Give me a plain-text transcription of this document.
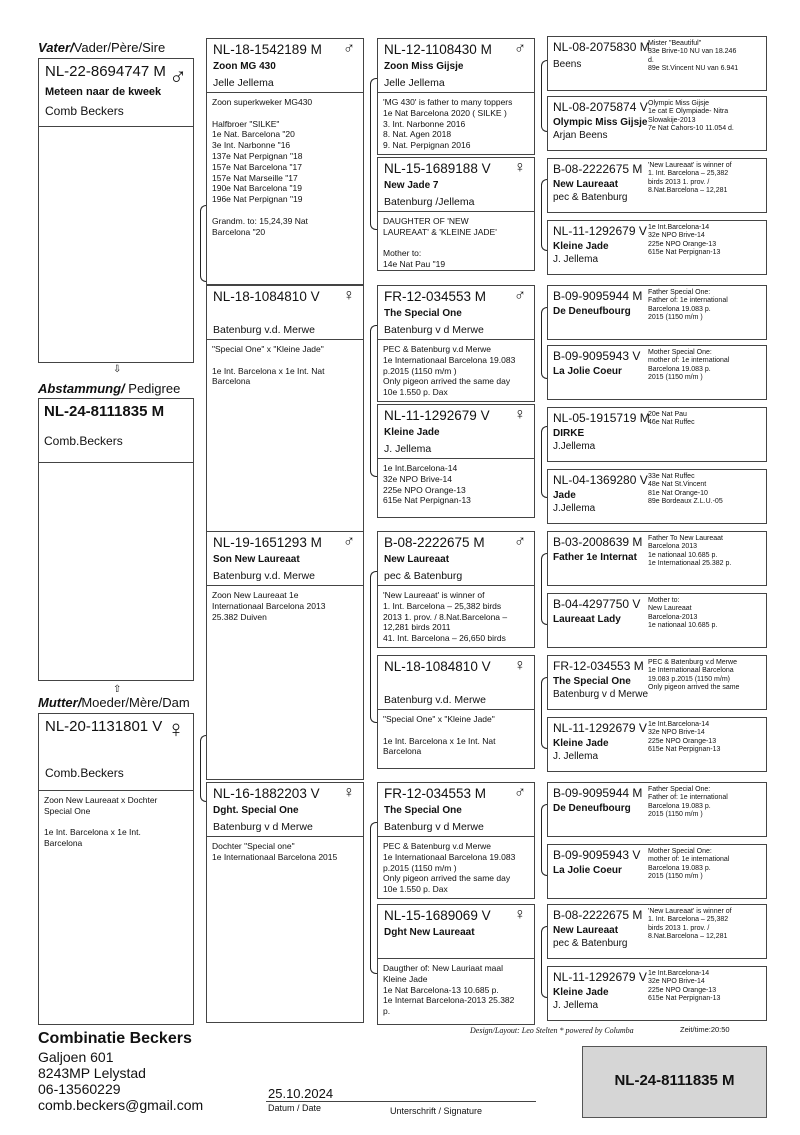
Vater/Vader/Père/Sire
NL-22-8694747 M ♂
Meteen naar de kweek
Comb Beckers
⇩
Abstammung/ Pedigree
NL-24-8111835 M
Comb.Beckers
⇧
Mutter/Moeder/Mère/Dam
NL-20-1131801 V ♀
Comb.Beckers
Zoon New Laureaat x Dochter
Special One

1e Int. Barcelona x 1e Int.
Barcelona
NL-18-1542189 M	♂
Zoon MG 430
Jelle Jellema
Zoon superkweker MG430

Halfbroer "SILKE"
1e Nat. Barcelona "20
3e Int. Narbonne "16
137e Nat Perpignan "18
157e Nat Barcelona "17
157e Nat Marseille "17
190e Nat Barcelona "19
196e Nat Perpignan "19

Grandm. to: 15,24,39 Nat
Barcelona "20
NL-18-1084810 V	♀
Batenburg v.d. Merwe
"Special One" x "Kleine Jade"

1e Int. Barcelona x 1e Int. Nat
Barcelona
NL-19-1651293 M	♂
Son New Laureaat
Batenburg v.d. Merwe
Zoon New Laureaat 1e
Internationaal Barcelona 2013
25.382 Duiven
NL-16-1882203 V	♀
Dght. Special One
Batenburg v d Merwe
Dochter "Special one"
1e Internationaal Barcelona 2015
NL-12-1108430 M	♂
Zoon Miss Gijsje
Jelle Jellema
'MG 430' is father to many toppers
1e Nat Barcelona 2020 ( SILKE )
3. Int. Narbonne 2016
8. Nat. Agen 2018
9. Nat. Perpignan 2016
NL-15-1689188 V	♀
New Jade 7
Batenburg /Jellema
DAUGHTER OF 'NEW
LAUREAAT' & 'KLEINE JADE'

Mother to:
14e Nat Pau "19
FR-12-034553 M	♂
The Special One
Batenburg v d Merwe
PEC & Batenburg v.d Merwe
1e Internationaal Barcelona 19.083
p.2015 (1150 m/m )
Only pigeon arrived the same day
10e 1.550 p. Dax
NL-11-1292679 V	♀
Kleine Jade
J. Jellema
1e Int.Barcelona-14
32e NPO Brive-14
225e NPO Orange-13
615e Nat Perpignan-13
B-08-2222675 M	♂
New Laureaat
pec & Batenburg
'New Laureaat' is winner of
1. Int. Barcelona – 25,382 birds
2013 1. prov. / 8.Nat.Barcelona –
12,281 birds 2011
41. Int. Barcelona – 26,650 birds
NL-18-1084810 V	♀
Batenburg v.d. Merwe
"Special One" x "Kleine Jade"

1e Int. Barcelona x 1e Int. Nat
Barcelona
FR-12-034553 M	♂
The Special One
Batenburg v d Merwe
PEC & Batenburg v.d Merwe
1e Internationaal Barcelona 19.083
p.2015 (1150 m/m )
Only pigeon arrived the same day
10e 1.550 p. Dax
NL-15-1689069 V	♀
Dght New Laureaat
Daugther of: New Lauriaat maal
Kleine Jade
1e Nat Barcelona-13 10.685 p.
1e Internat Barcelona-2013 25.382
p.
NL-08-2075830 M
Beens
Mister "Beautiful"
33e Brive-10 NU van 18.246
d.
89e St.Vincent NU van 6.941
NL-08-2075874 V
Olympic Miss Gijsje
Arjan Beens
Olympic Miss Gijsje
1e cat E Olympiade- Nitra
Slowakije-2013
7e Nat Cahors-10 11.054 d.
B-08-2222675 M
New Laureaat
pec & Batenburg
'New Laureaat' is winner of
1. Int. Barcelona – 25,382
birds 2013 1. prov. /
8.Nat.Barcelona – 12,281
NL-11-1292679 V
Kleine Jade
J. Jellema
1e Int.Barcelona-14
32e NPO Brive-14
225e NPO Orange-13
615e Nat Perpignan-13
B-09-9095944 M
De Deneufbourg
Father Special One:
Father of: 1e international
Barcelona 19.083 p.
2015 (1150 m/m )
B-09-9095943 V
La Jolie Coeur
Mother Special One:
mother of: 1e international
Barcelona 19.083 p.
2015 (1150 m/m )
NL-05-1915719 M
DIRKE
J.Jellema
20e Nat Pau
46e Nat Ruffec
NL-04-1369280 V
Jade
J.Jellema
33e Nat Ruffec
48e Nat St.Vincent
81e Nat Orange-10
89e Bordeaux Z.L.U.-05
B-03-2008639 M
Father 1e Internat
Father To New Laureaat
Barcelona 2013
1e nationaal 10.685 p.
1e Internationaal 25.382 p.
B-04-4297750 V
Laureaat Lady
Mother to:
New Laureaat
Barcelona-2013
1e nationaal 10.685 p.
FR-12-034553 M
The Special One
Batenburg v d Merwe
PEC & Batenburg v.d Merwe
1e Internationaal Barcelona
19.083 p.2015 (1150 m/m)
Only pigeon arrived the same
NL-11-1292679 V
Kleine Jade
J. Jellema
1e Int.Barcelona-14
32e NPO Brive-14
225e NPO Orange-13
615e Nat Perpignan-13
B-09-9095944 M
De Deneufbourg
Father Special One:
Father of: 1e international
Barcelona 19.083 p.
2015 (1150 m/m )
B-09-9095943 V
La Jolie Coeur
Mother Special One:
mother of: 1e international
Barcelona 19.083 p.
2015 (1150 m/m )
B-08-2222675 M
New Laureaat
pec & Batenburg
'New Laureaat' is winner of
1. Int. Barcelona – 25,382
birds 2013 1. prov. /
8.Nat.Barcelona – 12,281
NL-11-1292679 V
Kleine Jade
J. Jellema
1e Int.Barcelona-14
32e NPO Brive-14
225e NPO Orange-13
615e Nat Perpignan-13
Combinatie Beckers
Galjoen 601
8243MP Lelystad
06-13560229
comb.beckers@gmail.com
25.10.2024
Datum / Date	Unterschrift / Signature
Design/Layout: Leo Stelten * powered by Columba	Zeit/time:20:50
NL-24-8111835 M
